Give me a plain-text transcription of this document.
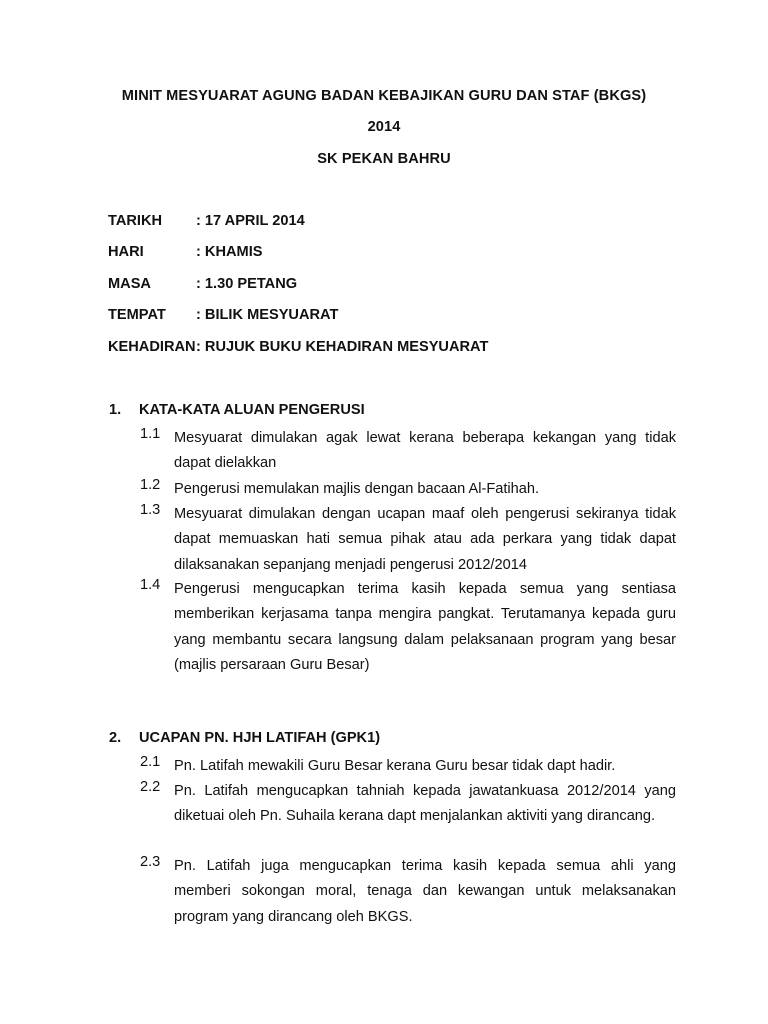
MINIT MESYUARAT AGUNG BADAN KEBAJIKAN GURU DAN STAF (BKGS)
2014
SK PEKAN BAHRU
TARIKH : 17 APRIL 2014
HARI	: KHAMIS
MASA	: 1.30 PETANG
TEMPAT : BILIK MESYUARAT
KEHADIRAN : RUJUK BUKU KEHADIRAN MESYUARAT
1. KATA-KATA ALUAN PENGERUSI
1.1 Mesyuarat dimulakan agak lewat kerana beberapa kekangan yang tidak dapat dielakkan
1.2 Pengerusi memulakan majlis dengan bacaan Al-Fatihah.
1.3 Mesyuarat dimulakan dengan ucapan maaf oleh pengerusi sekiranya tidak dapat memuaskan hati semua pihak atau ada perkara yang tidak dapat dilaksanakan sepanjang menjadi pengerusi 2012/2014
1.4 Pengerusi mengucapkan terima kasih kepada semua yang sentiasa memberikan kerjasama tanpa mengira pangkat. Terutamanya kepada guru yang membantu secara langsung dalam pelaksanaan program yang besar (majlis persaraan Guru Besar)
2. UCAPAN PN. HJH LATIFAH (GPK1)
2.1 Pn. Latifah mewakili Guru Besar kerana Guru besar tidak dapt hadir.
2.2 Pn. Latifah mengucapkan tahniah kepada jawatankuasa 2012/2014 yang diketuai oleh Pn. Suhaila kerana dapt menjalankan aktiviti yang dirancang.
2.3 Pn. Latifah juga mengucapkan terima kasih kepada semua ahli yang memberi sokongan moral, tenaga dan kewangan untuk melaksanakan program yang dirancang oleh BKGS.
